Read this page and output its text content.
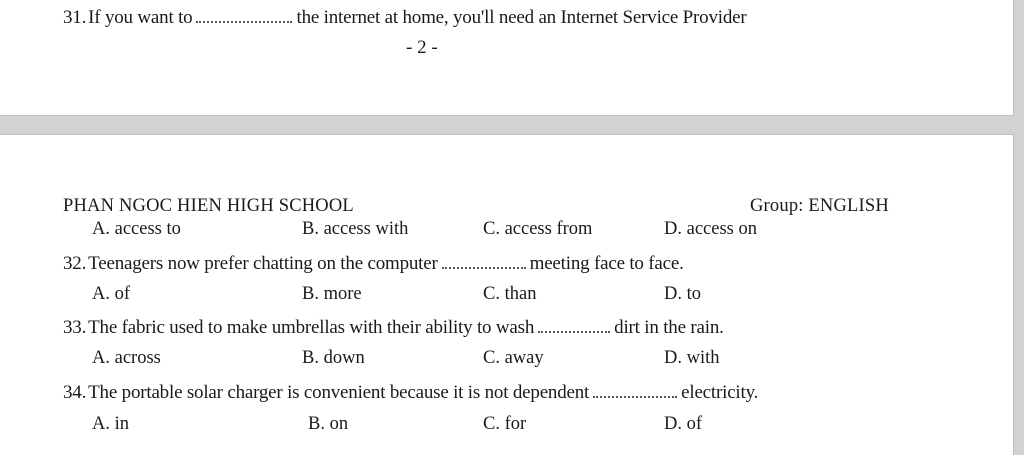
31. If you want to	the internet at home, you'll need an Internet Service Provider
- 2 -
PHAN NGOC HIEN HIGH SCHOOL	Group: ENGLISH
A. access to	B. access with	C. access from	D. access on
32. Teenagers now prefer chatting on the computer	meeting face to face.
A. of	B. more	C. than	D. to
33. The fabric used to make umbrellas with their ability to wash	dirt in the rain.
A. across	B. down	C. away	D. with
34. The portable solar charger is convenient because it is not dependent	electricity.
A. in	B. on	C. for	D. of
